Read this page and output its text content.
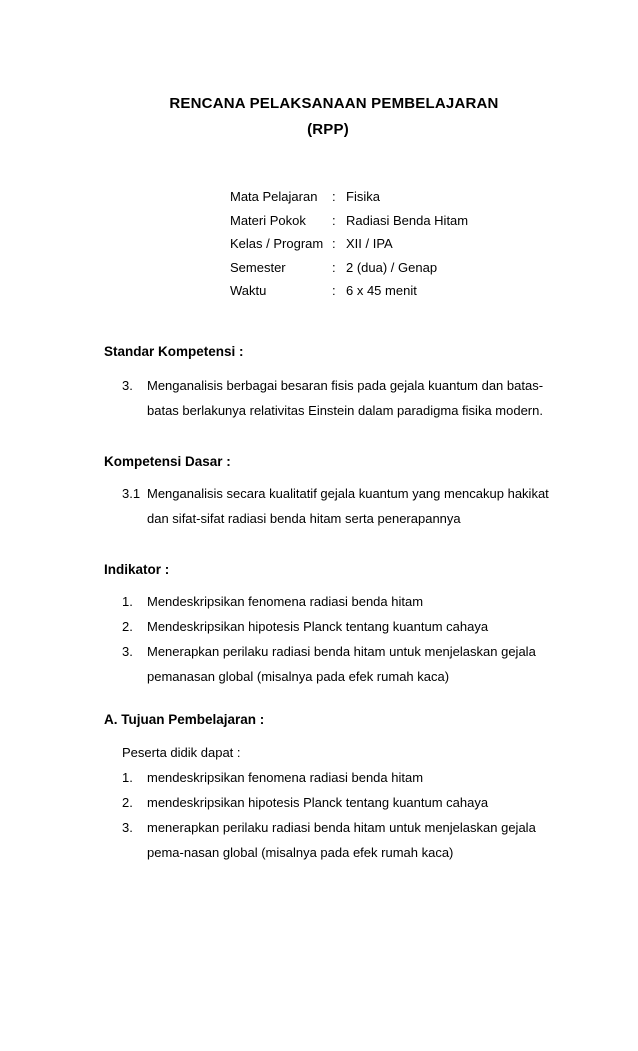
RENCANA PELAKSANAAN PEMBELAJARAN
(RPP)
Mata Pelajaran	: Fisika
Materi Pokok	: Radiasi Benda Hitam
Kelas / Program : XII / IPA
Semester	: 2 (dua) / Genap
Waktu	: 6 x 45 menit
Standar Kompetensi :
3.	Menganalisis berbagai besaran fisis pada gejala kuantum dan batas-batas berlakunya relativitas Einstein dalam paradigma fisika modern.
Kompetensi Dasar :
3.1 Menganalisis secara kualitatif gejala kuantum yang mencakup hakikat dan sifat-sifat radiasi benda hitam serta penerapannya
Indikator :
1.	Mendeskripsikan fenomena radiasi benda hitam
2.	Mendeskripsikan hipotesis Planck tentang kuantum cahaya
3.	Menerapkan perilaku radiasi benda hitam untuk menjelaskan gejala pemanasan global (misalnya pada efek rumah kaca)
A. Tujuan Pembelajaran :
Peserta didik dapat :
1.	mendeskripsikan fenomena radiasi benda hitam
2.	mendeskripsikan hipotesis Planck tentang kuantum cahaya
3.	menerapkan perilaku radiasi benda hitam untuk menjelaskan gejala pema-nasan global (misalnya pada efek rumah kaca)
